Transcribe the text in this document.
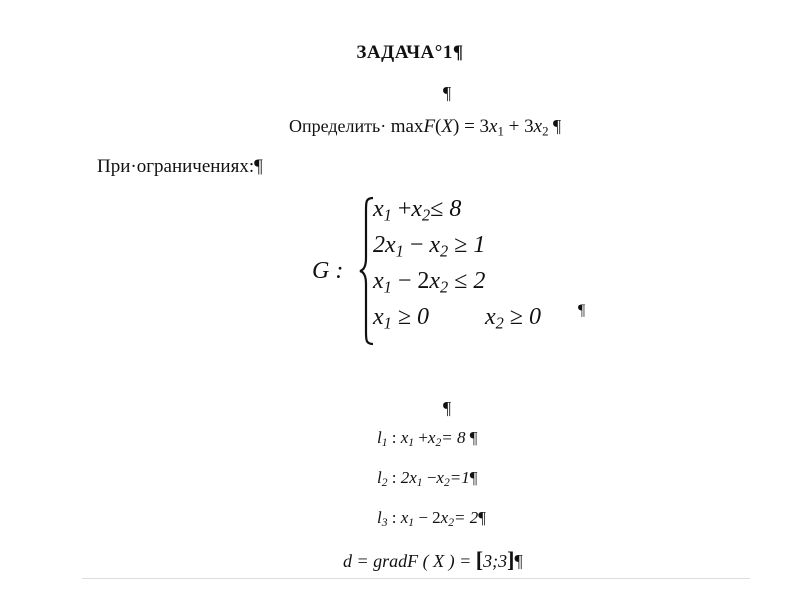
ЗАДАЧА°1¶
¶
Определить· $\max F(X) = 3x_1 + 3x_2$ ¶
При·ограничениях:¶
G :
$x_1 +x_2\le 8$
$2x_1 - x_2 \ge 1$
$x_1 - 2x_2 \le 2$
$x_1 \ge 0$ $x_2 \ge 0$ ¶
¶
$l_1$ : $x_1 +x_2= 8$ ¶
$l_2$ : $2x_1$ $-x_2=1\P$
$l_3$ : $x_1 - 2x_2=$ 2¶
d = gradF ( X ) = [3;3]¶
